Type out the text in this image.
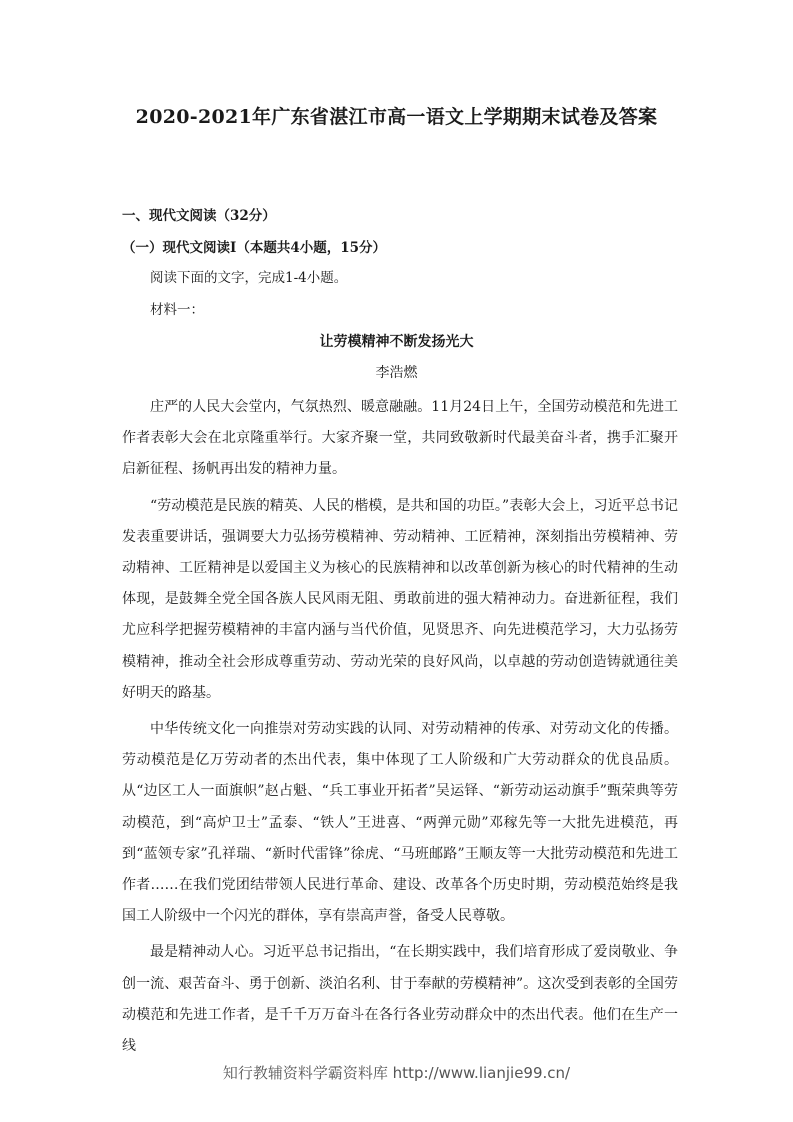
2020-2021年广东省湛江市高一语文上学期期末试卷及答案
一、现代文阅读（32分）
（一）现代文阅读Ⅰ（本题共4小题，15分）
阅读下面的文字，完成1-4小题。
材料一：
让劳模精神不断发扬光大
李浩燃

庄严的人民大会堂内，气氛热烈、暖意融融。11月24日上午，全国劳动模范和先进工作者表彰大会在北京隆重举行。大家齐聚一堂，共同致敬新时代最美奋斗者，携手汇聚开启新征程、扬帆再出发的精神力量。

“劳动模范是民族的精英、人民的楷模，是共和国的功臣。”表彰大会上，习近平总书记发表重要讲话，强调要大力弘扬劳模精神、劳动精神、工匠精神，深刻指出劳模精神、劳动精神、工匠精神是以爱国主义为核心的民族精神和以改革创新为核心的时代精神的生动体现，是鼓舞全党全国各族人民风雨无阻、勇敢前进的强大精神动力。奋进新征程，我们尤应科学把握劳模精神的丰富内涵与当代价值，见贤思齐、向先进模范学习，大力弘扬劳模精神，推动全社会形成尊重劳动、劳动光荣的良好风尚，以卓越的劳动创造铸就通往美好明天的路基。

中华传统文化一向推崇对劳动实践的认同、对劳动精神的传承、对劳动文化的传播。劳动模范是亿万劳动者的杰出代表，集中体现了工人阶级和广大劳动群众的优良品质。从“边区工人一面旗帜”赵占魁、“兵工事业开拓者”吴运铎、“新劳动运动旗手”甄荣典等劳动模范，到“高炉卫士”孟泰、“铁人”王进喜、“两弹元勋”邓稼先等一大批先进模范，再到“蓝领专家”孔祥瑞、“新时代雷锋”徐虎、“马班邮路”王顺友等一大批劳动模范和先进工作者……在我们党团结带领人民进行革命、建设、改革各个历史时期，劳动模范始终是我国工人阶级中一个闪光的群体，享有崇高声誉，备受人民尊敬。

最是精神动人心。习近平总书记指出，“在长期实践中，我们培育形成了爱岗敬业、争创一流、艰苦奋斗、勇于创新、淡泊名利、甘于奉献的劳模精神”。这次受到表彰的全国劳动模范和先进工作者，是千千万万奋斗在各行各业劳动群众中的杰出代表。他们在生产一线

知行教辅资料学霸资料库 http://www.lianjie99.cn/
